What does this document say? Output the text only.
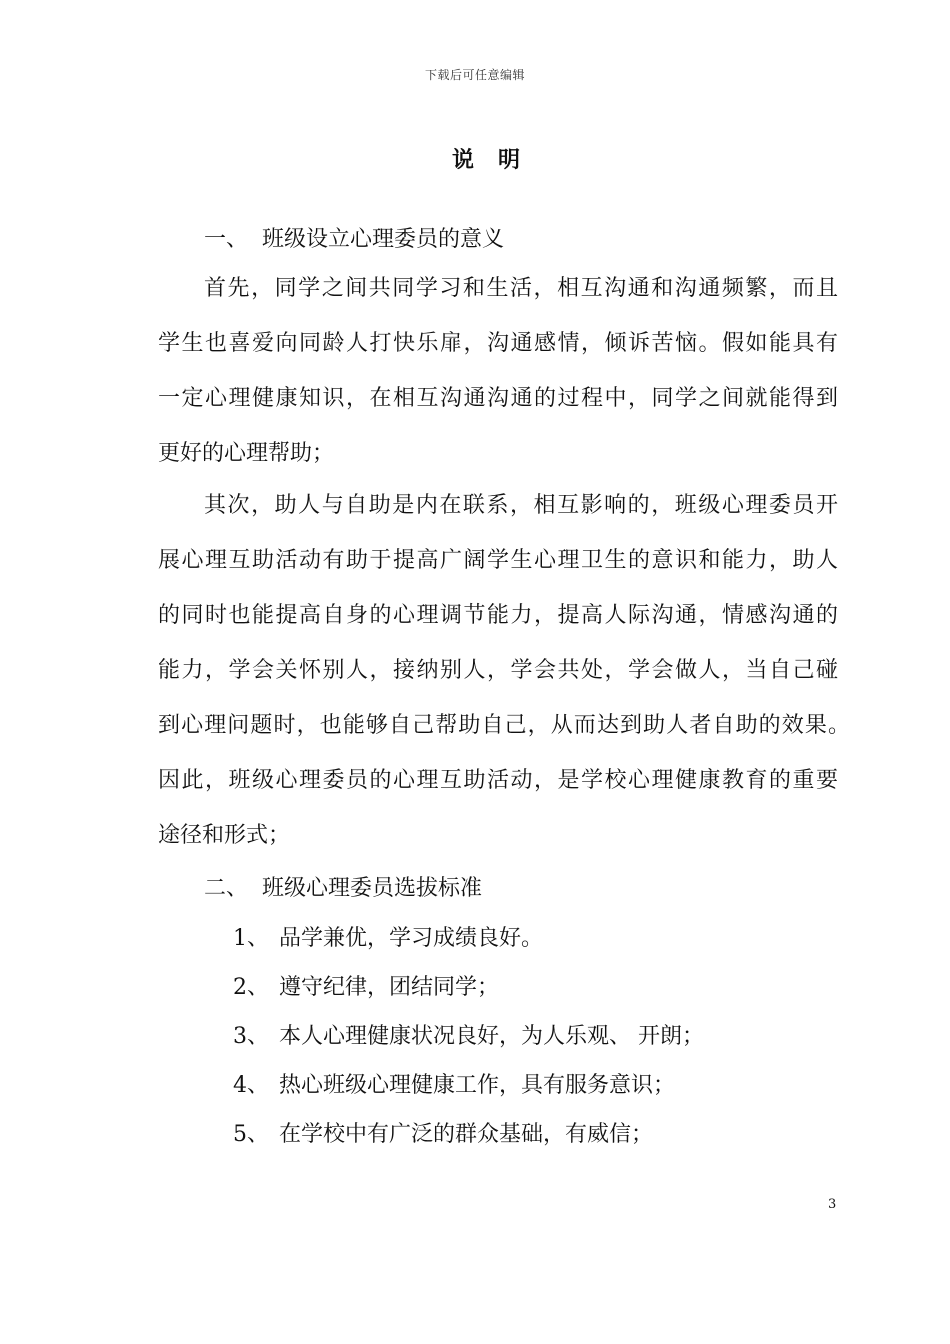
下载后可任意编辑
说明
一、 班级设立心理委员的意义
首先，同学之间共同学习和生活，相互沟通和沟通频繁，而且
学生也喜爱向同龄人打快乐扉，沟通感情，倾诉苦恼。假如能具有
一定心理健康知识，在相互沟通沟通的过程中，同学之间就能得到
更好的心理帮助；
其次，助人与自助是内在联系，相互影响的，班级心理委员开
展心理互助活动有助于提高广阔学生心理卫生的意识和能力，助人
的同时也能提高自身的心理调节能力，提高人际沟通，情感沟通的
能力，学会关怀别人，接纳别人，学会共处，学会做人，当自己碰
到心理问题时，也能够自己帮助自己，从而达到助人者自助的效果。
因此，班级心理委员的心理互助活动，是学校心理健康教育的重要
途径和形式；
二、 班级心理委员选拔标准
1、 品学兼优，学习成绩良好。
2、 遵守纪律，团结同学；
3、 本人心理健康状况良好，为人乐观、 开朗；
4、 热心班级心理健康工作，具有服务意识；
5、 在学校中有广泛的群众基础，有威信；
3
